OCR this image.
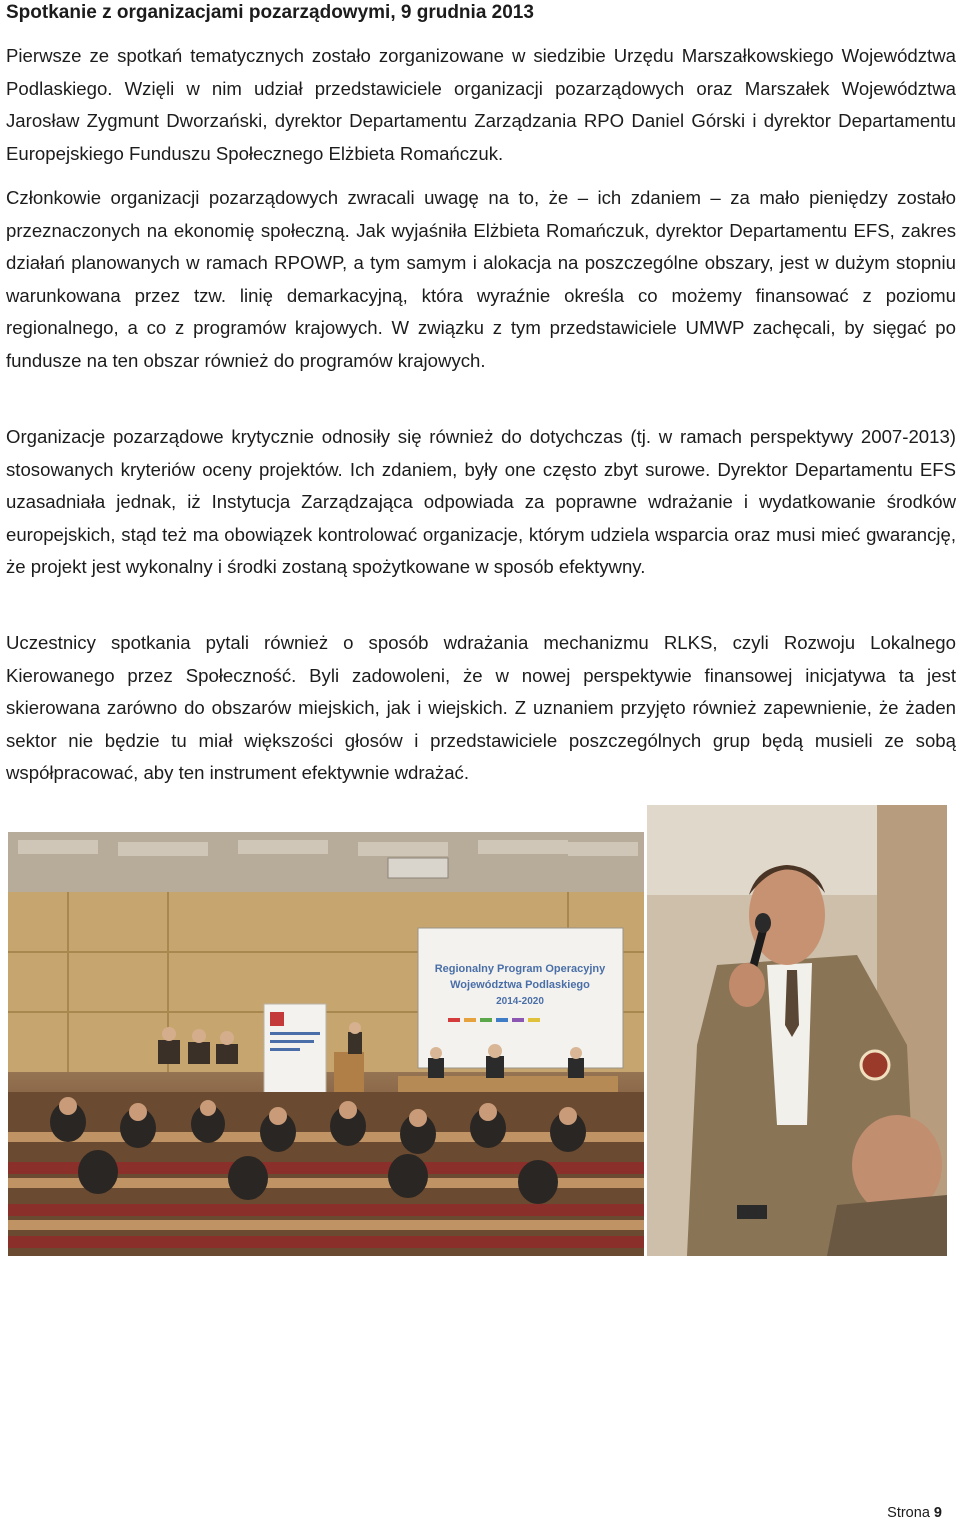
Spotkanie z organizacjami pozarządowymi, 9 grudnia 2013

Pierwsze ze spotkań tematycznych zostało zorganizowane w siedzibie Urzędu Marszałkowskiego Województwa Podlaskiego. Wzięli w nim udział przedstawiciele organizacji pozarządowych oraz Marszałek Województwa Jarosław Zygmunt Dworzański, dyrektor Departamentu Zarządzania RPO Daniel Górski i dyrektor Departamentu Europejskiego Funduszu Społecznego Elżbieta Romańczuk.

Członkowie organizacji pozarządowych zwracali uwagę na to, że – ich zdaniem – za mało pieniędzy zostało przeznaczonych na ekonomię społeczną. Jak wyjaśniła Elżbieta Romańczuk, dyrektor Departamentu EFS, zakres działań planowanych w ramach RPOWP, a tym samym i alokacja na poszczególne obszary, jest w dużym stopniu warunkowana przez tzw. linię demarkacyjną, która wyraźnie określa co możemy finansować z poziomu regionalnego, a co z programów krajowych. W związku z tym przedstawiciele UMWP zachęcali, by sięgać po fundusze na ten obszar również do programów krajowych.

Organizacje pozarządowe krytycznie odnosiły się również do dotychczas (tj. w ramach perspektywy 2007-2013) stosowanych kryteriów oceny projektów. Ich zdaniem, były one często zbyt surowe. Dyrektor Departamentu EFS uzasadniała jednak, iż Instytucja Zarządzająca odpowiada za poprawne wdrażanie i wydatkowanie środków europejskich, stąd też ma obowiązek kontrolować organizacje, którym udziela wsparcia oraz musi mieć gwarancję, że projekt jest wykonalny i środki zostaną spożytkowane w sposób efektywny.

Uczestnicy spotkania pytali również o sposób wdrażania mechanizmu RLKS, czyli Rozwoju Lokalnego Kierowanego przez Społeczność. Byli zadowoleni, że w nowej perspektywie finansowej inicjatywa ta jest skierowana zarówno do obszarów miejskich, jak i wiejskich. Z uznaniem przyjęto również zapewnienie, że żaden sektor nie będzie tu miał większości głosów i przedstawiciele poszczególnych grup będą musieli ze sobą współpracować, aby ten instrument efektywnie wdrażać.

Regionalny Program Operacyjny
Województwa Podlaskiego
2014-2020
Strona 9
